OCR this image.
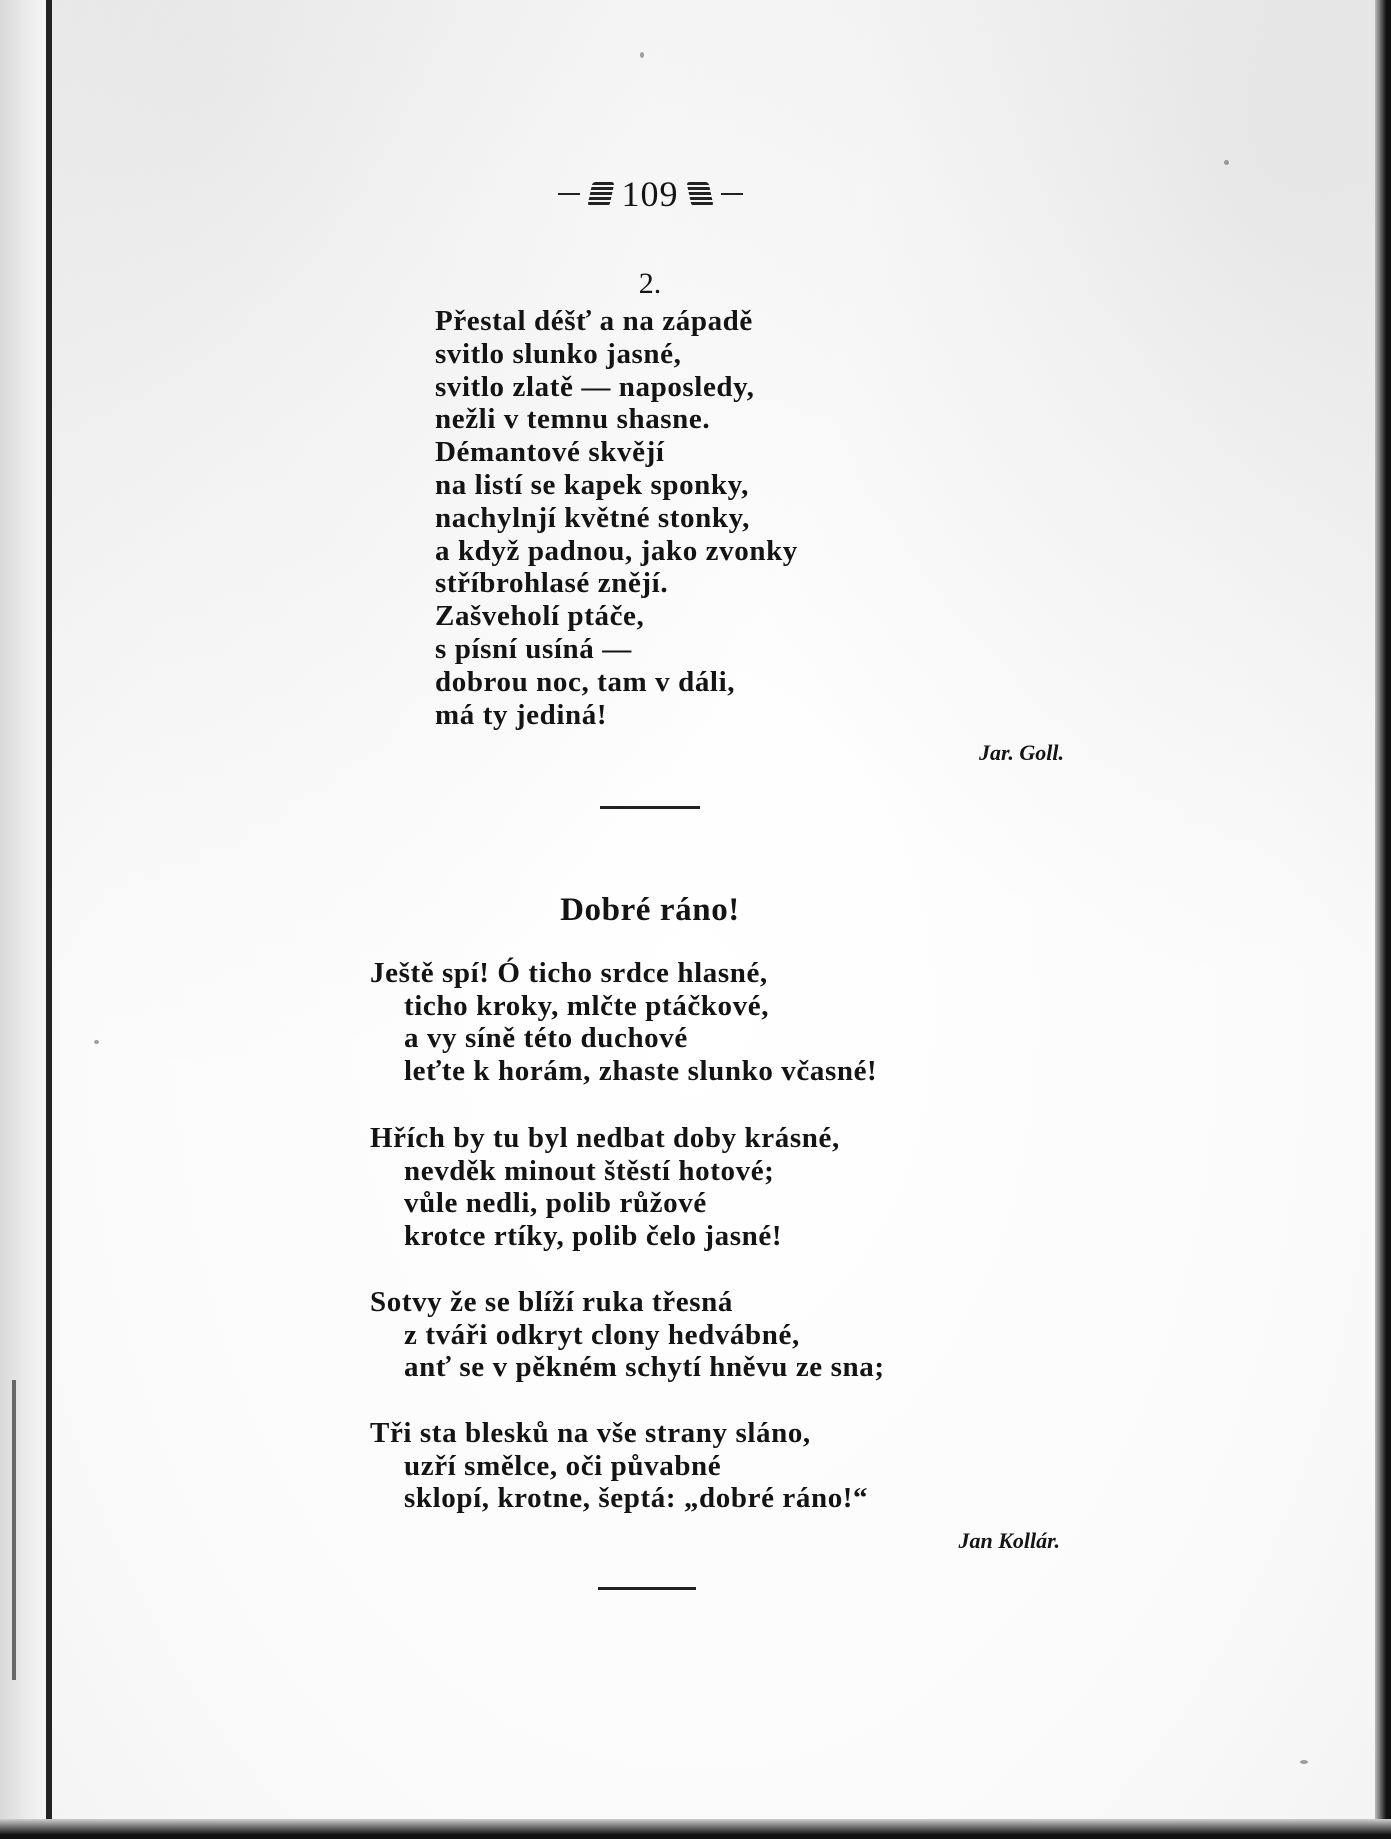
109
2.
Přestal déšť a na západě
svitlo slunko jasné,
svitlo zlatě — naposledy,
nežli v temnu shasne.
Démantové skvějí
na listí se kapek sponky,
nachylnjí květné stonky,
a když padnou, jako zvonky
stříbrohlasé znějí.
Zašveholí ptáče,
s písní usíná —
dobrou noc, tam v dáli,
má ty jediná!
Jar. Goll.
Dobré ráno!
Ještě spí! Ó ticho srdce hlasné,
ticho kroky, mlčte ptáčkové,
a vy síně této duchové
leťte k horám, zhaste slunko včasné!
Hřích by tu byl nedbat doby krásné,
nevděk minout štěstí hotové;
vůle nedli, polib růžové
krotce rtíky, polib čelo jasné!
Sotvy že se blíží ruka třesná
z tváři odkryt clony hedvábné,
anť se v pěkném schytí hněvu ze sna;
Tři sta blesků na vše strany sláno,
uzří smělce, oči půvabné
sklopí, krotne, šeptá: „dobré ráno!“
Jan Kollár.
